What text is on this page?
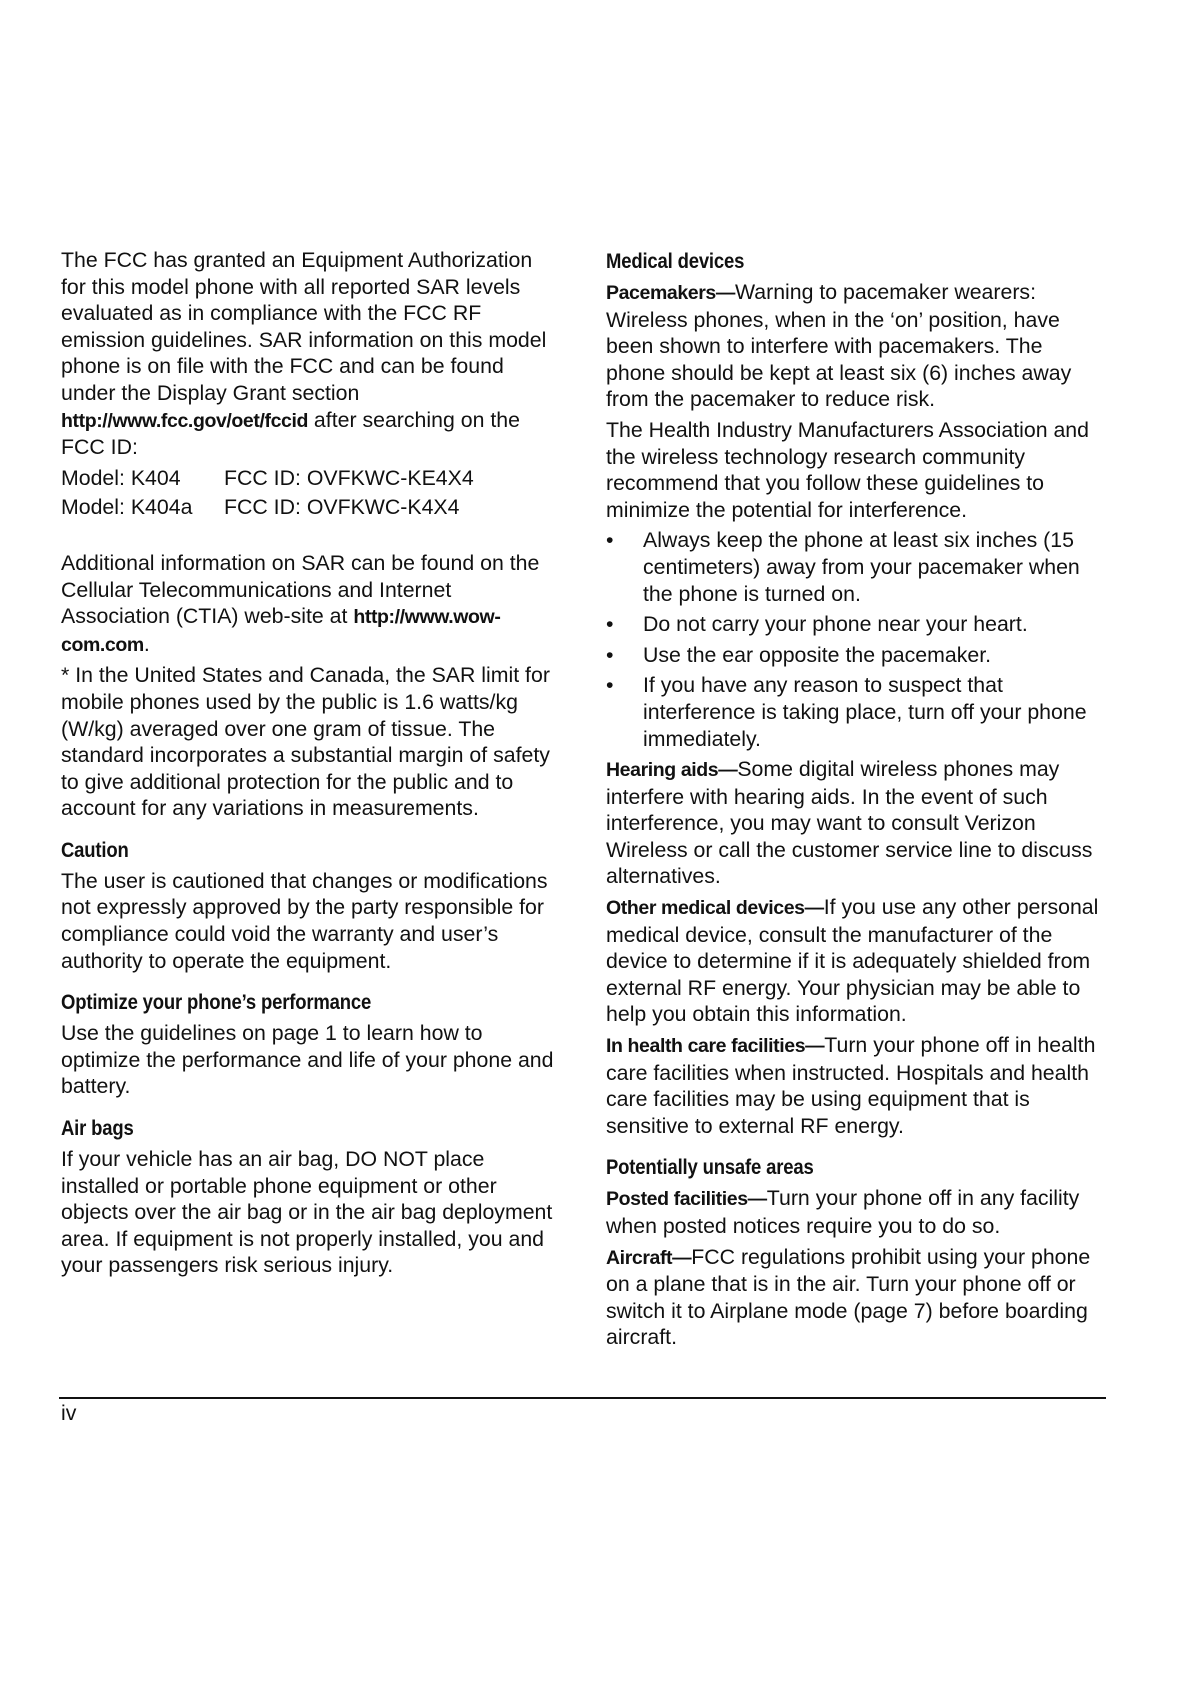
The FCC has granted an Equipment Authorization for this model phone with all reported SAR levels evaluated as in compliance with the FCC RF emission guidelines. SAR information on this model phone is on file with the FCC and can be found under the Display Grant section http://www.fcc.gov/oet/fccid after searching on the FCC ID:

Model: K404	FCC ID: OVFKWC-KE4X4
Model: K404a	FCC ID: OVFKWC-K4X4

Additional information on SAR can be found on the Cellular Telecommunications and Internet Association (CTIA) web-site at http://www.wow-com.com.

* In the United States and Canada, the SAR limit for mobile phones used by the public is 1.6 watts/kg (W/kg) averaged over one gram of tissue. The standard incorporates a substantial margin of safety to give additional protection for the public and to account for any variations in measurements.

Caution

The user is cautioned that changes or modifications not expressly approved by the party responsible for compliance could void the warranty and user’s authority to operate the equipment.

Optimize your phone’s performance

Use the guidelines on page 1 to learn how to optimize the performance and life of your phone and battery.

Air bags

If your vehicle has an air bag, DO NOT place installed or portable phone equipment or other objects over the air bag or in the air bag deployment area. If equipment is not properly installed, you and your passengers risk serious injury.

Medical devices

Pacemakers—Warning to pacemaker wearers: Wireless phones, when in the ‘on’ position, have been shown to interfere with pacemakers. The phone should be kept at least six (6) inches away from the pacemaker to reduce risk.

The Health Industry Manufacturers Association and the wireless technology research community recommend that you follow these guidelines to minimize the potential for interference.

• Always keep the phone at least six inches (15 centimeters) away from your pacemaker when the phone is turned on.
• Do not carry your phone near your heart.
• Use the ear opposite the pacemaker.
• If you have any reason to suspect that interference is taking place, turn off your phone immediately.

Hearing aids—Some digital wireless phones may interfere with hearing aids. In the event of such interference, you may want to consult Verizon Wireless or call the customer service line to discuss alternatives.

Other medical devices—If you use any other personal medical device, consult the manufacturer of the device to determine if it is adequately shielded from external RF energy. Your physician may be able to help you obtain this information.

In health care facilities—Turn your phone off in health care facilities when instructed. Hospitals and health care facilities may be using equipment that is sensitive to external RF energy.

Potentially unsafe areas

Posted facilities—Turn your phone off in any facility when posted notices require you to do so.

Aircraft—FCC regulations prohibit using your phone on a plane that is in the air. Turn your phone off or switch it to Airplane mode (page 7) before boarding aircraft.

iv
